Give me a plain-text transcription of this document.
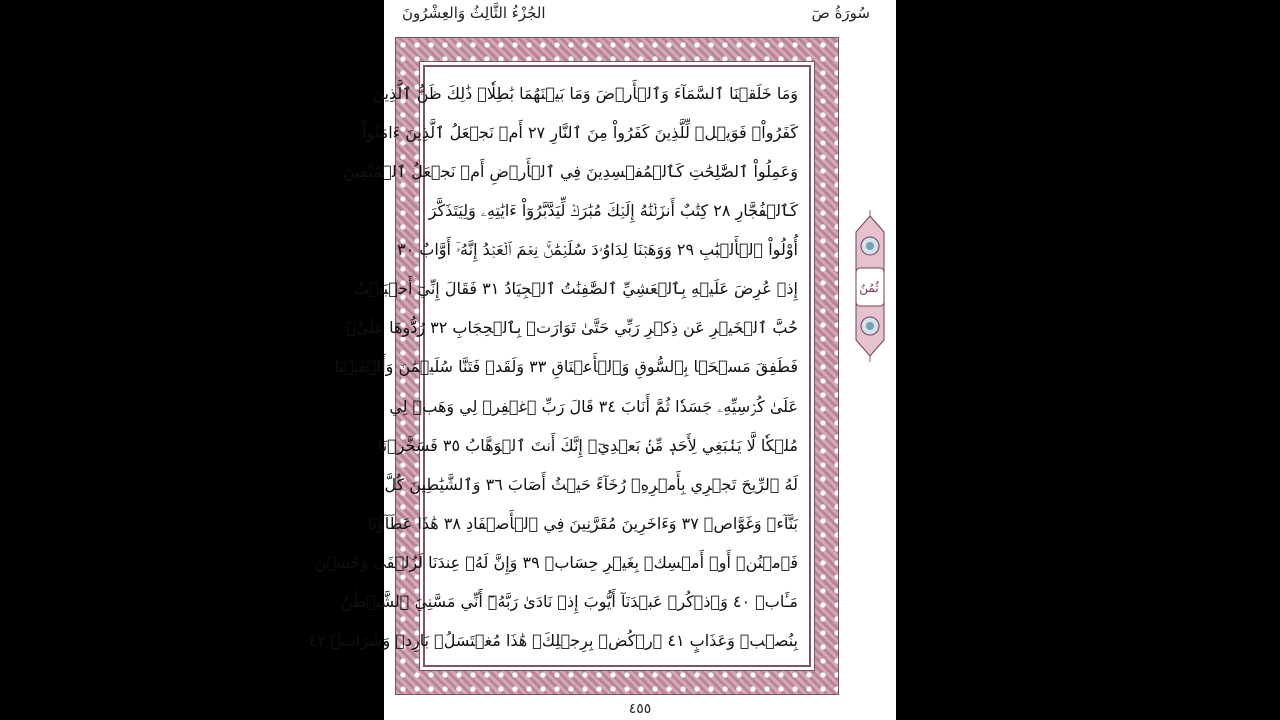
سُورَةُ صٓ
الجُزْءُ الثَّالِثُ وَالعِشْرُونَ
وَمَا خَلَقۡنَا ٱلسَّمَآءَ وَٱلۡأَرۡضَ وَمَا بَيۡنَهُمَا بَٰطِلٗاۚ ذَٰلِكَ ظَنُّ ٱلَّذِينَ
كَفَرُواْۚ فَوَيۡلٞ لِّلَّذِينَ كَفَرُواْ مِنَ ٱلنَّارِ ٢٧ أَمۡ نَجۡعَلُ ٱلَّذِينَ ءَامَنُواْ
وَعَمِلُواْ ٱلصَّٰلِحَٰتِ كَٱلۡمُفۡسِدِينَ فِي ٱلۡأَرۡضِ أَمۡ نَجۡعَلُ ٱلۡمُتَّقِينَ
كَٱلۡفُجَّارِ ٢٨ كِتَٰبٌ أَنزَلۡنَٰهُ إِلَيۡكَ مُبَٰرَكٞ لِّيَدَّبَّرُوٓاْ ءَايَٰتِهِۦ وَلِيَتَذَكَّرَ
أُوْلُواْ ٱلۡأَلۡبَٰبِ ٢٩ وَوَهَبۡنَا لِدَاوُۥدَ سُلَيۡمَٰنَۚ نِعۡمَ ٱلۡعَبۡدُ إِنَّهُۥٓ أَوَّابٌ ٣٠
إِذۡ عُرِضَ عَلَيۡهِ بِٱلۡعَشِيِّ ٱلصَّٰفِنَٰتُ ٱلۡجِيَادُ ٣١ فَقَالَ إِنِّيٓ أَحۡبَبۡتُ
حُبَّ ٱلۡخَيۡرِ عَن ذِكۡرِ رَبِّي حَتَّىٰ تَوَارَتۡ بِٱلۡحِجَابِ ٣٢ رُدُّوهَا عَلَيَّۖ
فَطَفِقَ مَسۡحَۢا بِٱلسُّوقِ وَٱلۡأَعۡنَاقِ ٣٣ وَلَقَدۡ فَتَنَّا سُلَيۡمَٰنَ وَأَلۡقَيۡنَا
عَلَىٰ كُرۡسِيِّهِۦ جَسَدٗا ثُمَّ أَنَابَ ٣٤ قَالَ رَبِّ ٱغۡفِرۡ لِي وَهَبۡ لِي
مُلۡكٗا لَّا يَنۢبَغِي لِأَحَدٖ مِّنۢ بَعۡدِيٓۖ إِنَّكَ أَنتَ ٱلۡوَهَّابُ ٣٥ فَسَخَّرۡنَا
لَهُ ٱلرِّيحَ تَجۡرِي بِأَمۡرِهِۦ رُخَآءً حَيۡثُ أَصَابَ ٣٦ وَٱلشَّيَٰطِينَ كُلَّ
بَنَّآءٖ وَغَوَّاصٖ ٣٧ وَءَاخَرِينَ مُقَرَّنِينَ فِي ٱلۡأَصۡفَادِ ٣٨ هَٰذَا عَطَآؤُنَا
فَٱمۡنُنۡ أَوۡ أَمۡسِكۡ بِغَيۡرِ حِسَابٖ ٣٩ وَإِنَّ لَهُۥ عِندَنَا لَزُلۡفَىٰ وَحُسۡنَ
مَـَٔابٖ ٤٠ وَٱذۡكُرۡ عَبۡدَنَآ أَيُّوبَ إِذۡ نَادَىٰ رَبَّهُۥٓ أَنِّي مَسَّنِيَ ٱلشَّيۡطَٰنُ
بِنُصۡبٖ وَعَذَابٍ ٤١ ٱرۡكُضۡ بِرِجۡلِكَۖ هَٰذَا مُغۡتَسَلُۢ بَارِدٞ وَشَرَابٞ ٤٢
٤٥٥
ثُمُنٌ
